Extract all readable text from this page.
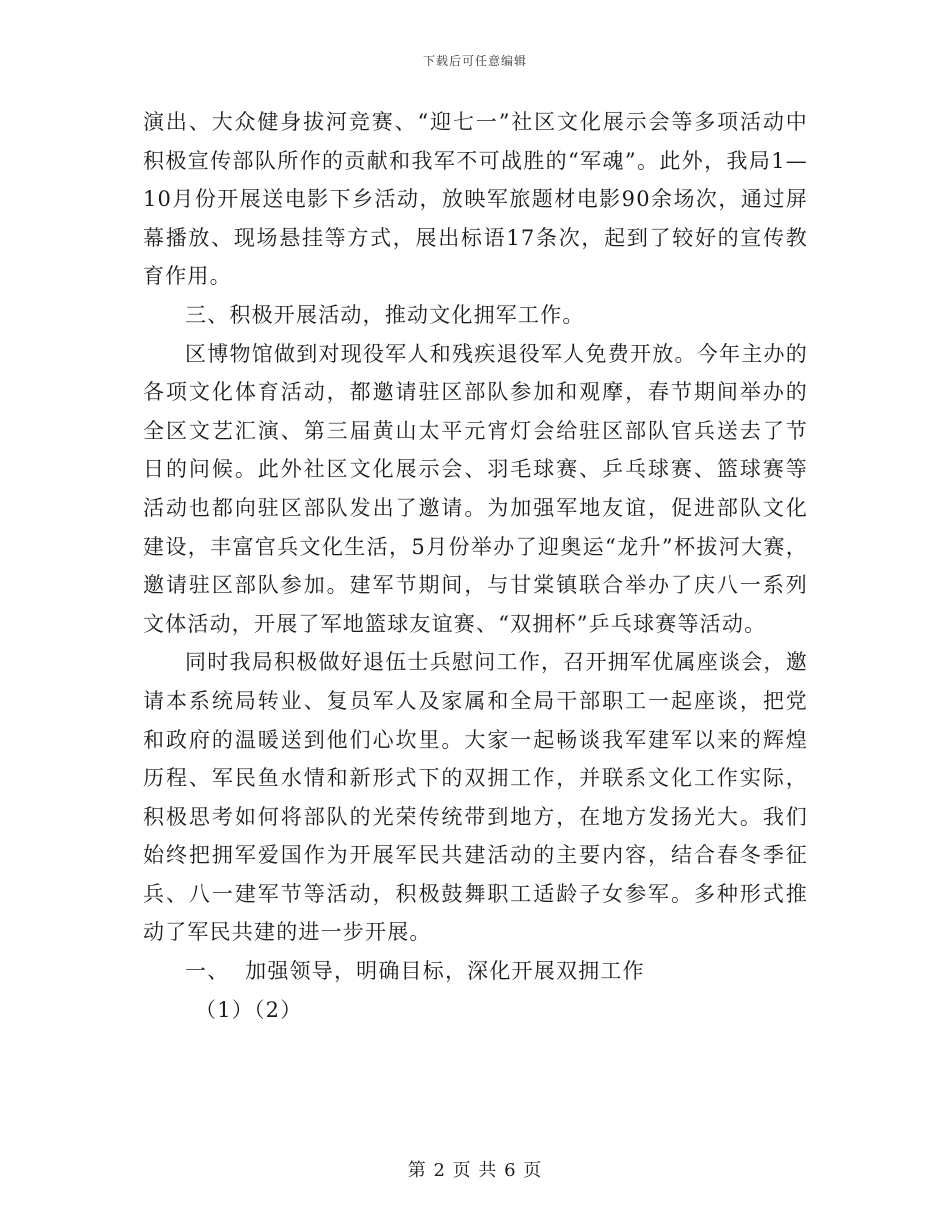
下载后可任意编辑

演出、大众健身拔河竞赛、“迎七一”社区文化展示会等多项活动中积极宣传部队所作的贡献和我军不可战胜的“军魂”。此外，我局1—10月份开展送电影下乡活动，放映军旅题材电影90余场次，通过屏幕播放、现场悬挂等方式，展出标语17条次，起到了较好的宣传教育作用。

三、积极开展活动，推动文化拥军工作。

区博物馆做到对现役军人和残疾退役军人免费开放。今年主办的各项文化体育活动，都邀请驻区部队参加和观摩，春节期间举办的全区文艺汇演、第三届黄山太平元宵灯会给驻区部队官兵送去了节日的问候。此外社区文化展示会、羽毛球赛、乒乓球赛、篮球赛等活动也都向驻区部队发出了邀请。为加强军地友谊，促进部队文化建设，丰富官兵文化生活，5月份举办了迎奥运“龙升”杯拔河大赛，邀请驻区部队参加。建军节期间，与甘棠镇联合举办了庆八一系列文体活动，开展了军地篮球友谊赛、“双拥杯”乒乓球赛等活动。

同时我局积极做好退伍士兵慰问工作，召开拥军优属座谈会，邀请本系统局转业、复员军人及家属和全局干部职工一起座谈，把党和政府的温暖送到他们心坎里。大家一起畅谈我军建军以来的辉煌历程、军民鱼水情和新形式下的双拥工作，并联系文化工作实际，积极思考如何将部队的光荣传统带到地方，在地方发扬光大。我们始终把拥军爱国作为开展军民共建活动的主要内容，结合春冬季征兵、八一建军节等活动，积极鼓舞职工适龄子女参军。多种形式推动了军民共建的进一步开展。

一、  加强领导，明确目标，深化开展双拥工作

（1）（2）

第 2 页 共 6 页
